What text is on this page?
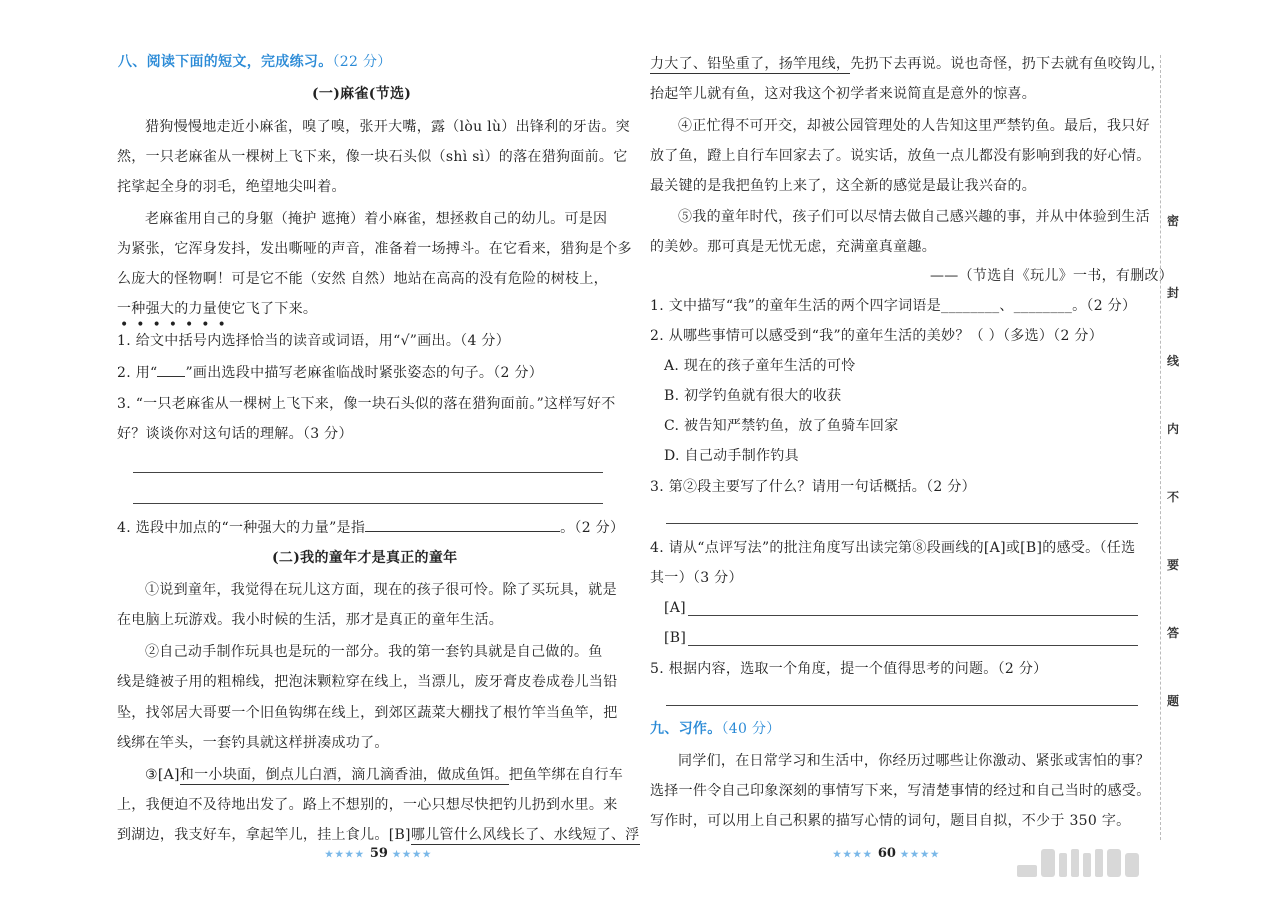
八、阅读下面的短文，完成练习。（22 分）
(一)麻雀(节选)
猎狗慢慢地走近小麻雀，嗅了嗅，张开大嘴，露（lòu lù）出锋利的牙齿。突
然，一只老麻雀从一棵树上飞下来，像一块石头似（shì sì）的落在猎狗面前。它
挓挲起全身的羽毛，绝望地尖叫着。
老麻雀用自己的身躯（掩护 遮掩）着小麻雀，想拯救自己的幼儿。可是因
为紧张，它浑身发抖，发出嘶哑的声音，准备着一场搏斗。在它看来，猎狗是个多
么庞大的怪物啊！可是它不能（安然 自然）地站在高高的没有危险的树枝上，
一种强大的力量使它飞了下来。
•••••••
1. 给文中括号内选择恰当的读音或词语，用“√”画出。（4 分）
2. 用“ ”画出选段中描写老麻雀临战时紧张姿态的句子。（2 分）
3. “一只老麻雀从一棵树上飞下来，像一块石头似的落在猎狗面前。”这样写好不
好？谈谈你对这句话的理解。（3 分）
4. 选段中加点的“一种强大的力量”是指	。（2 分）
(二)我的童年才是真正的童年
①说到童年，我觉得在玩儿这方面，现在的孩子很可怜。除了买玩具，就是
在电脑上玩游戏。我小时候的生活，那才是真正的童年生活。
②自己动手制作玩具也是玩的一部分。我的第一套钓具就是自己做的。鱼
线是缝被子用的粗棉线，把泡沫颗粒穿在线上，当漂儿，废牙膏皮卷成卷儿当铅
坠，找邻居大哥要一个旧鱼钩绑在线上，到郊区蔬菜大棚找了根竹竿当鱼竿，把
线绑在竿头，一套钓具就这样拼凑成功了。
③[A]和一小块面，倒点儿白酒，滴几滴香油，做成鱼饵。把鱼竿绑在自行车
上，我便迫不及待地出发了。路上不想别的，一心只想尽快把钓儿扔到水里。来
到湖边，我支好车，拿起竿儿，挂上食儿。[B]哪儿管什么风线长了、水线短了、浮
★★★★ 59 ★★★★
力大了、铅坠重了，扬竿甩线，先扔下去再说。说也奇怪，扔下去就有鱼咬钩儿，
抬起竿儿就有鱼，这对我这个初学者来说简直是意外的惊喜。
④正忙得不可开交，却被公园管理处的人告知这里严禁钓鱼。最后，我只好
放了鱼，蹬上自行车回家去了。说实话，放鱼一点儿都没有影响到我的好心情。
最关键的是我把鱼钓上来了，这全新的感觉是最让我兴奋的。
⑤我的童年时代，孩子们可以尽情去做自己感兴趣的事，并从中体验到生活
的美妙。那可真是无忧无虑，充满童真童趣。
——（节选自《玩儿》一书，有删改）
1. 文中描写“我”的童年生活的两个四字词语是________、________。（2 分）
2. 从哪些事情可以感受到“我”的童年生活的美妙？（ ）（多选）（2 分）
A. 现在的孩子童年生活的可怜
B. 初学钓鱼就有很大的收获
C. 被告知严禁钓鱼，放了鱼骑车回家
D. 自己动手制作钓具
3. 第②段主要写了什么？请用一句话概括。（2 分）
4. 请从“点评写法”的批注角度写出读完第⑧段画线的[A]或[B]的感受。（任选
其一）（3 分）
[A]
[B]
5. 根据内容，选取一个角度，提一个值得思考的问题。（2 分）
九、习作。（40 分）
同学们，在日常学习和生活中，你经历过哪些让你激动、紧张或害怕的事？
选择一件令自己印象深刻的事情写下来，写清楚事情的经过和自己当时的感受。
写作时，可以用上自己积累的描写心情的词句，题目自拟，不少于 350 字。
★★★★ 60 ★★★★
密
封
线
内
不
要
答
题
